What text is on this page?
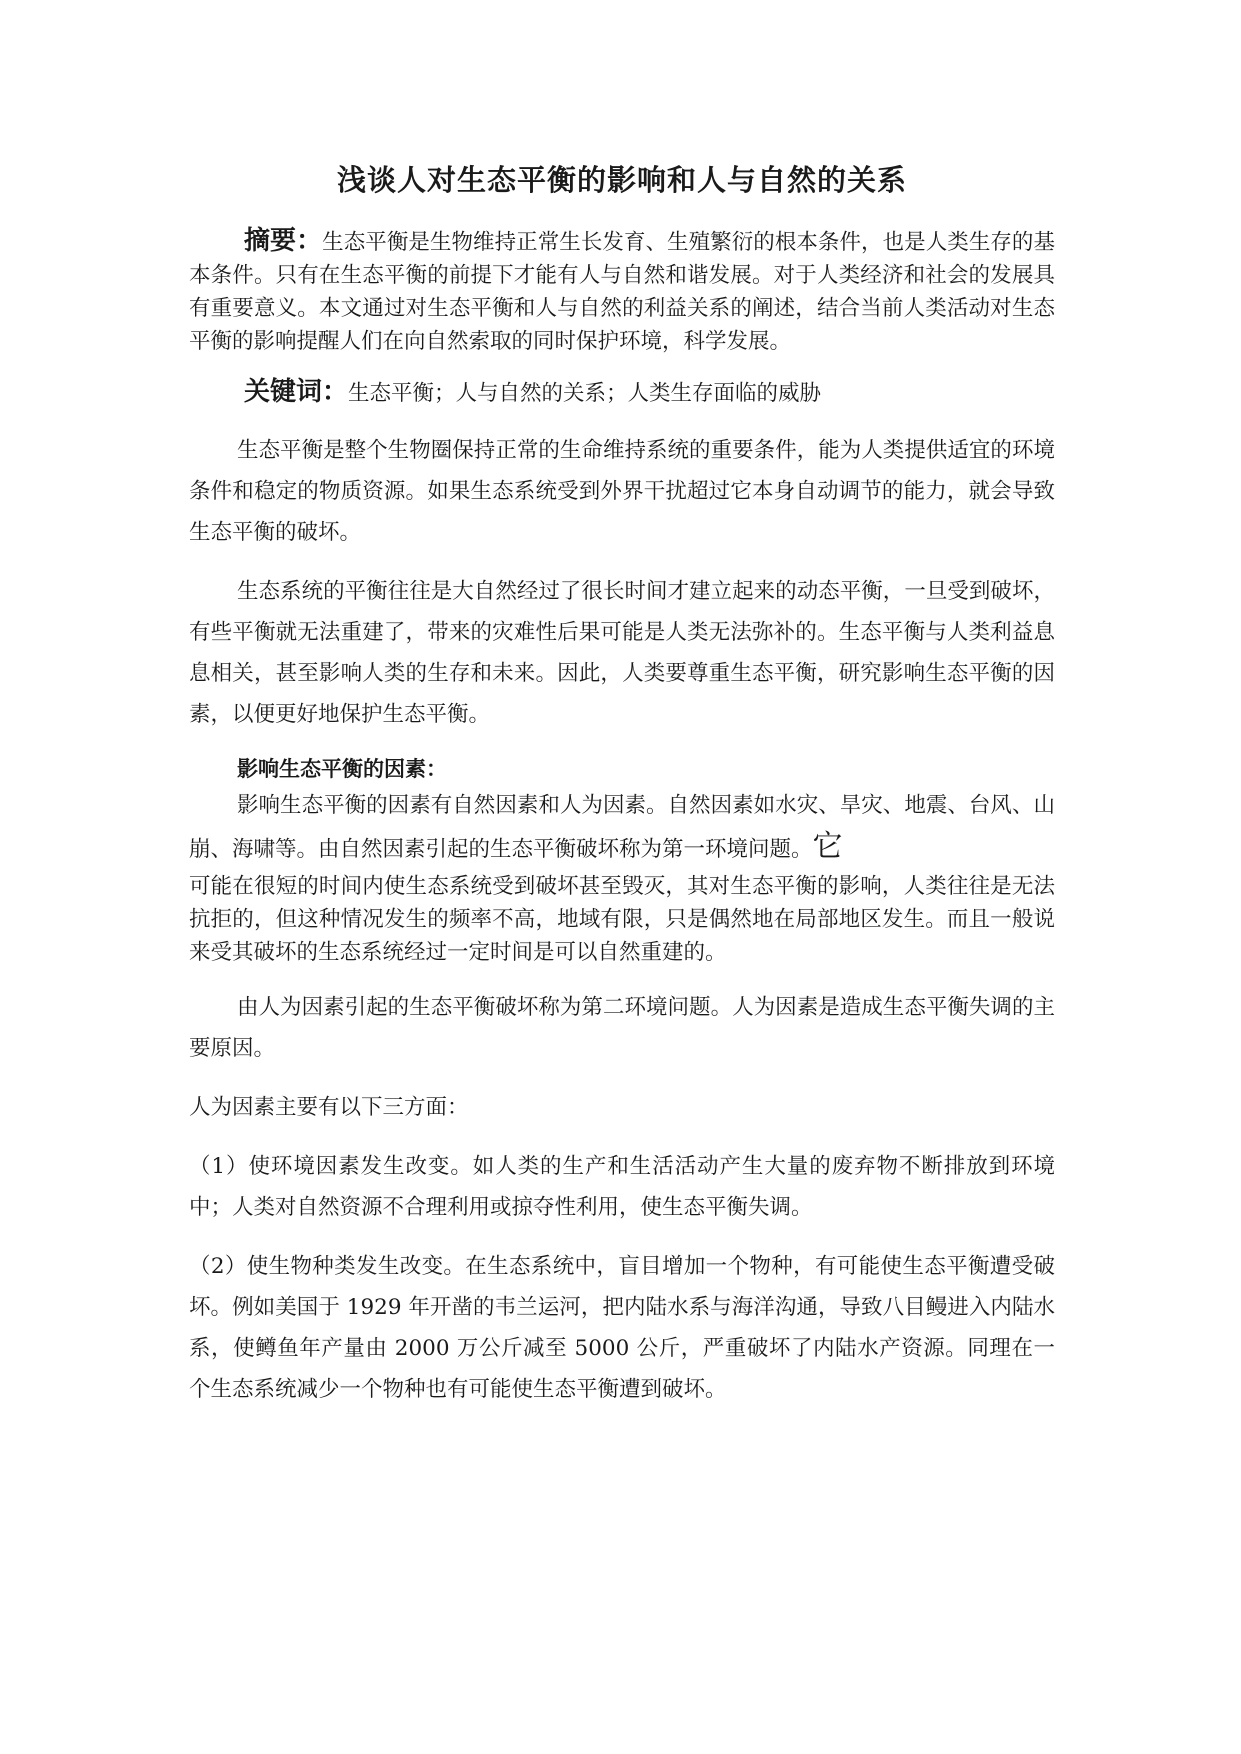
浅谈人对生态平衡的影响和人与自然的关系

摘要：生态平衡是生物维持正常生长发育、生殖繁衍的根本条件，也是人类生存的基本条件。只有在生态平衡的前提下才能有人与自然和谐发展。对于人类经济和社会的发展具有重要意义。本文通过对生态平衡和人与自然的利益关系的阐述，结合当前人类活动对生态平衡的影响提醒人们在向自然索取的同时保护环境，科学发展。

关键词：生态平衡；人与自然的关系；人类生存面临的威胁

生态平衡是整个生物圈保持正常的生命维持系统的重要条件，能为人类提供适宜的环境条件和稳定的物质资源。如果生态系统受到外界干扰超过它本身自动调节的能力，就会导致生态平衡的破坏。

生态系统的平衡往往是大自然经过了很长时间才建立起来的动态平衡，一旦受到破坏，有些平衡就无法重建了，带来的灾难性后果可能是人类无法弥补的。生态平衡与人类利益息息相关，甚至影响人类的生存和未来。因此，人类要尊重生态平衡，研究影响生态平衡的因素，以便更好地保护生态平衡。

影响生态平衡的因素：

影响生态平衡的因素有自然因素和人为因素。自然因素如水灾、旱灾、地震、台风、山崩、海啸等。由自然因素引起的生态平衡破坏称为第一环境问题。它

可能在很短的时间内使生态系统受到破坏甚至毁灭，其对生态平衡的影响，人类往往是无法抗拒的，但这种情况发生的频率不高，地域有限，只是偶然地在局部地区发生。而且一般说来受其破坏的生态系统经过一定时间是可以自然重建的。

由人为因素引起的生态平衡破坏称为第二环境问题。人为因素是造成生态平衡失调的主要原因。

人为因素主要有以下三方面：

（1）使环境因素发生改变。如人类的生产和生活活动产生大量的废弃物不断排放到环境中；人类对自然资源不合理利用或掠夺性利用，使生态平衡失调。

（2）使生物种类发生改变。在生态系统中，盲目增加一个物种，有可能使生态平衡遭受破坏。例如美国于 1929 年开凿的韦兰运河，把内陆水系与海洋沟通，导致八目鳗进入内陆水系，使鳟鱼年产量由 2000 万公斤减至 5000 公斤，严重破坏了内陆水产资源。同理在一个生态系统减少一个物种也有可能使生态平衡遭到破坏。
